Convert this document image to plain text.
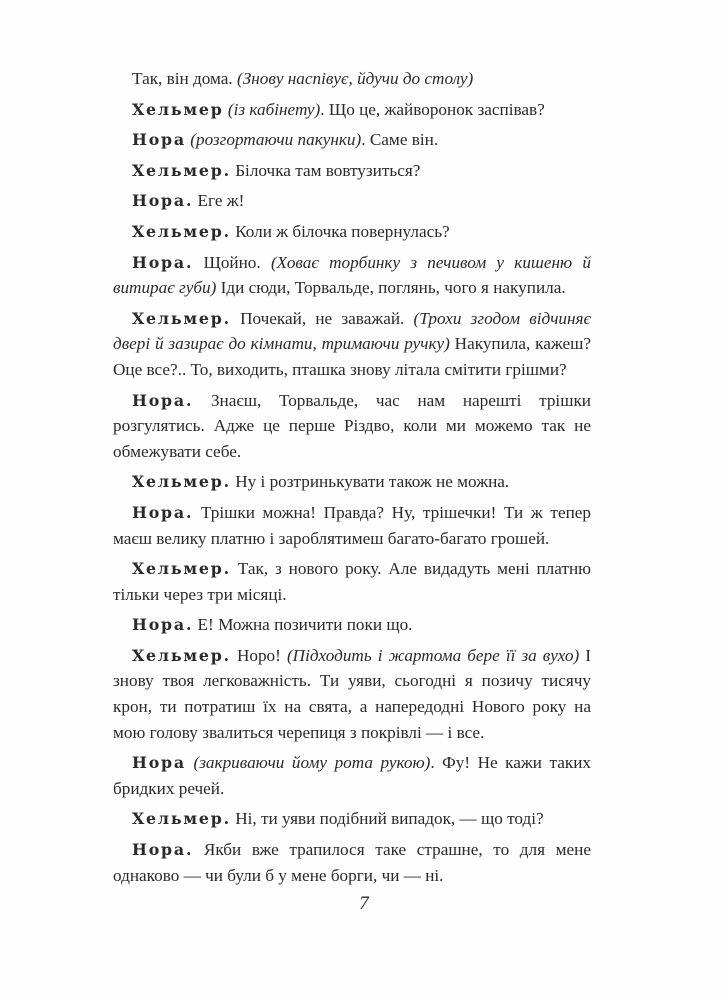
Так, він дома. (Знову наспівує, йдучи до столу)

Хельмер (із кабінету). Що це, жайворонок заспівав?

Нора (розгортаючи пакунки). Саме він.

Хельмер. Білочка там вовтузиться?

Нора. Еге ж!

Хельмер. Коли ж білочка повернулась?

Нора. Щойно. (Ховає торбинку з печивом у кишеню й витирає губи) Іди сюди, Торвальде, поглянь, чого я накупила.

Хельмер. Почекай, не заважай. (Трохи згодом відчиняє двері й зазирає до кімнати, тримаючи ручку) Накупила, кажеш? Оце все?.. То, виходить, пташка знову літала смітити грішми?

Нора. Знаєш, Торвальде, час нам нарешті трішки розгулятись. Адже це перше Різдво, коли ми можемо так не обмежувати себе.

Хельмер. Ну і розтринькувати також не можна.

Нора. Трішки можна! Правда? Ну, трішечки! Ти ж тепер маєш велику платню і зароблятимеш багато-багато грошей.

Хельмер. Так, з нового року. Але видадуть мені платню тільки через три місяці.

Нора. Е! Можна позичити поки що.

Хельмер. Норо! (Підходить і жартома бере її за вухо) І знову твоя легковажність. Ти уяви, сьогодні я позичу тисячу крон, ти потратиш їх на свята, а напередодні Нового року на мою голову звалиться черепиця з покрівлі — і все.

Нора (закриваючи йому рота рукою). Фу! Не кажи таких бридких речей.

Хельмер. Ні, ти уяви подібний випадок, — що тоді?

Нора. Якби вже трапилося таке страшне, то для мене однаково — чи були б у мене борги, чи — ні.

7
